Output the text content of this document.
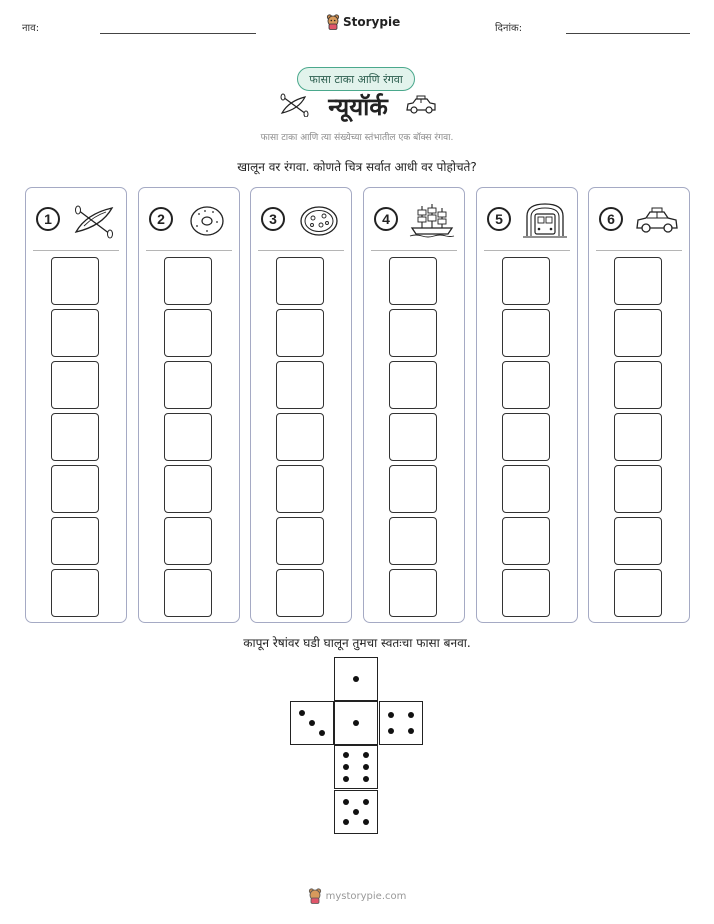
नाव:	Storypie	दिनांक:
फासा टाका आणि रंगवा
न्यूयॉर्क
फासा टाका आणि त्या संख्येच्या स्तंभातील एक बॉक्स रंगवा.
खालून वर रंगवा. कोणते चित्र सर्वात आधी वर पोहोचते?
1	2	3	4	5	6
कापून रेषांवर घडी घालून तुमचा स्वतःचा फासा बनवा.
mystorypie.com
